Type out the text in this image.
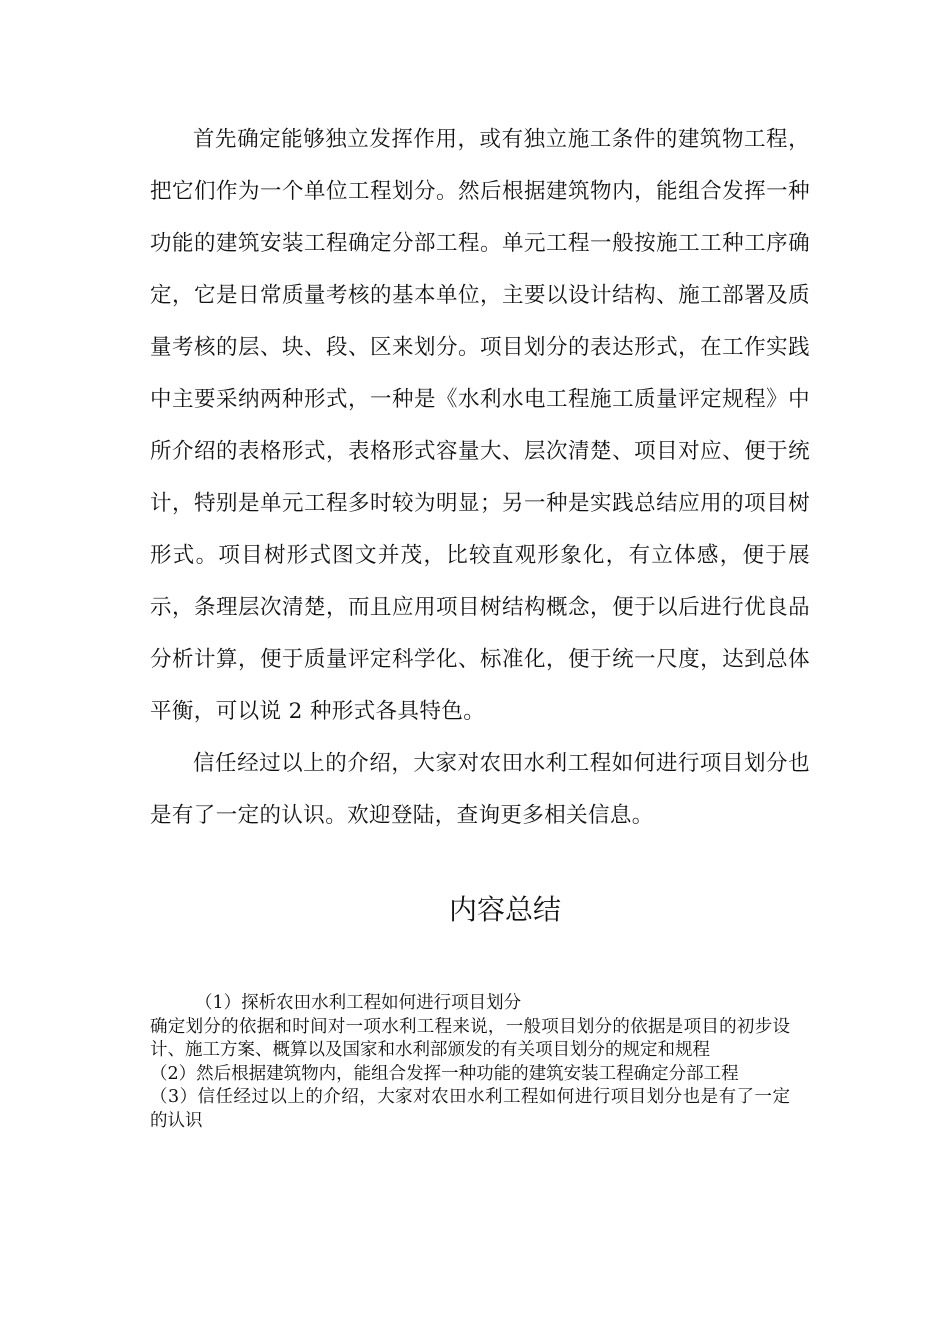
首先确定能够独立发挥作用，或有独立施工条件的建筑物工程，把它们作为一个单位工程划分。然后根据建筑物内，能组合发挥一种功能的建筑安装工程确定分部工程。单元工程一般按施工工种工序确定，它是日常质量考核的基本单位，主要以设计结构、施工部署及质量考核的层、块、段、区来划分。项目划分的表达形式，在工作实践中主要采纳两种形式，一种是《水利水电工程施工质量评定规程》中所介绍的表格形式，表格形式容量大、层次清楚、项目对应、便于统计，特别是单元工程多时较为明显；另一种是实践总结应用的项目树形式。项目树形式图文并茂，比较直观形象化，有立体感，便于展示，条理层次清楚，而且应用项目树结构概念，便于以后进行优良品分析计算，便于质量评定科学化、标准化，便于统一尺度，达到总体平衡，可以说 2 种形式各具特色。

信任经过以上的介绍，大家对农田水利工程如何进行项目划分也是有了一定的认识。欢迎登陆，查询更多相关信息。

内容总结

（1）探析农田水利工程如何进行项目划分

确定划分的依据和时间对一项水利工程来说，一般项目划分的依据是项目的初步设计、施工方案、概算以及国家和水利部颁发的有关项目划分的规定和规程

（2）然后根据建筑物内，能组合发挥一种功能的建筑安装工程确定分部工程

（3）信任经过以上的介绍，大家对农田水利工程如何进行项目划分也是有了一定的认识
